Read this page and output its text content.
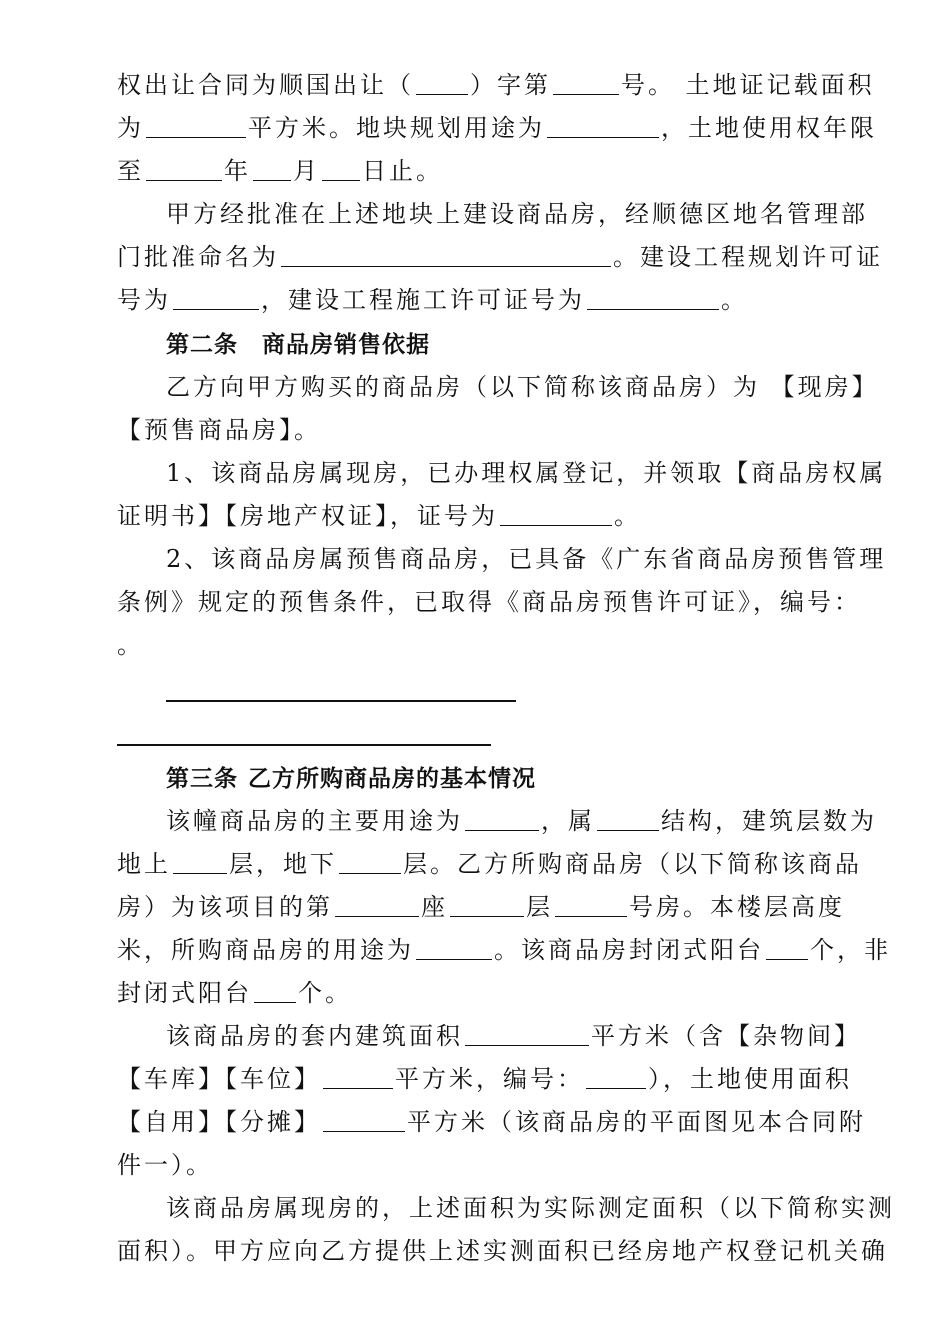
权出让合同为顺国出让（ ）字第	号。 土地证记载面积
为	平方米。地块规划用途为	，土地使用权年限
至	年 月 日止。
甲方经批准在上述地块上建设商品房，经顺德区地名管理部
门批准命名为	。建设工程规划许可证
号为	，建设工程施工许可证号为	。
第二条 商品房销售依据
乙方向甲方购买的商品房（以下简称该商品房）为 【现房】
【预售商品房】。
1、该商品房属现房，已办理权属登记，并领取【商品房权属
证明书】【房地产权证】，证号为	。
2、该商品房属预售商品房，已具备《广东省商品房预售管理
条例》规定的预售条件，已取得《商品房预售许可证》，编号：
。
第三条 乙方所购商品房的基本情况
该幢商品房的主要用途为	，属	结构，建筑层数为
地上 层，地下	层。乙方所购商品房（以下简称该商品
房）为该项目的第	座	层	号房。本楼层高度
米，所购商品房的用途为	。该商品房封闭式阳台 个，非
封闭式阳台 个。
该商品房的套内建筑面积	平方米（含【杂物间】
【车库】【车位】	平方米，编号：	），土地使用面积
【自用】【分摊】	平方米（该商品房的平面图见本合同附
件一）。
该商品房属现房的，上述面积为实际测定面积（以下简称实测
面积）。甲方应向乙方提供上述实测面积已经房地产权登记机关确
